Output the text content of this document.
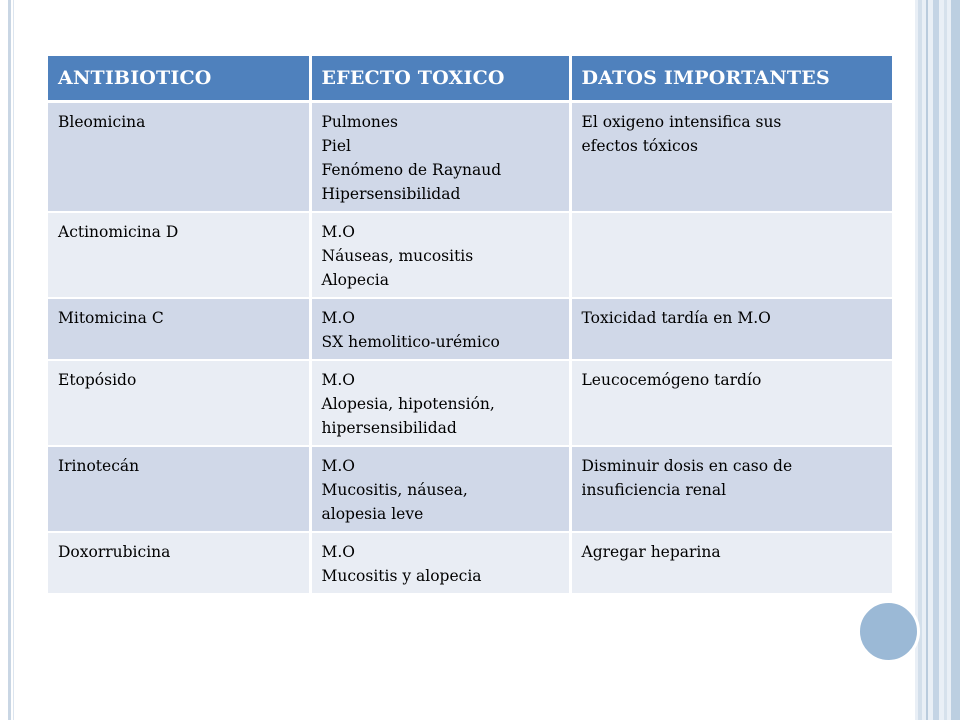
ANTIBIOTICO	EFECTO TOXICO	DATOS IMPORTANTES

Bleomicina	Pulmones
Piel
Fenómeno de Raynaud
Hipersensibilidad	El oxigeno intensifica sus
efectos tóxicos

Actinomicina D	M.O
Náuseas, mucositis
Alopecia	

Mitomicina C	M.O
SX hemolitico-urémico	Toxicidad tardía en M.O

Etopósido	M.O
Alopesia, hipotensión,
hipersensibilidad	Leucocemógeno tardío

Irinotecán	M.O
Mucositis, náusea,
alopesia leve	Disminuir dosis en caso de
insuficiencia renal

Doxorrubicina	M.O
Mucositis y alopecia	Agregar heparina
